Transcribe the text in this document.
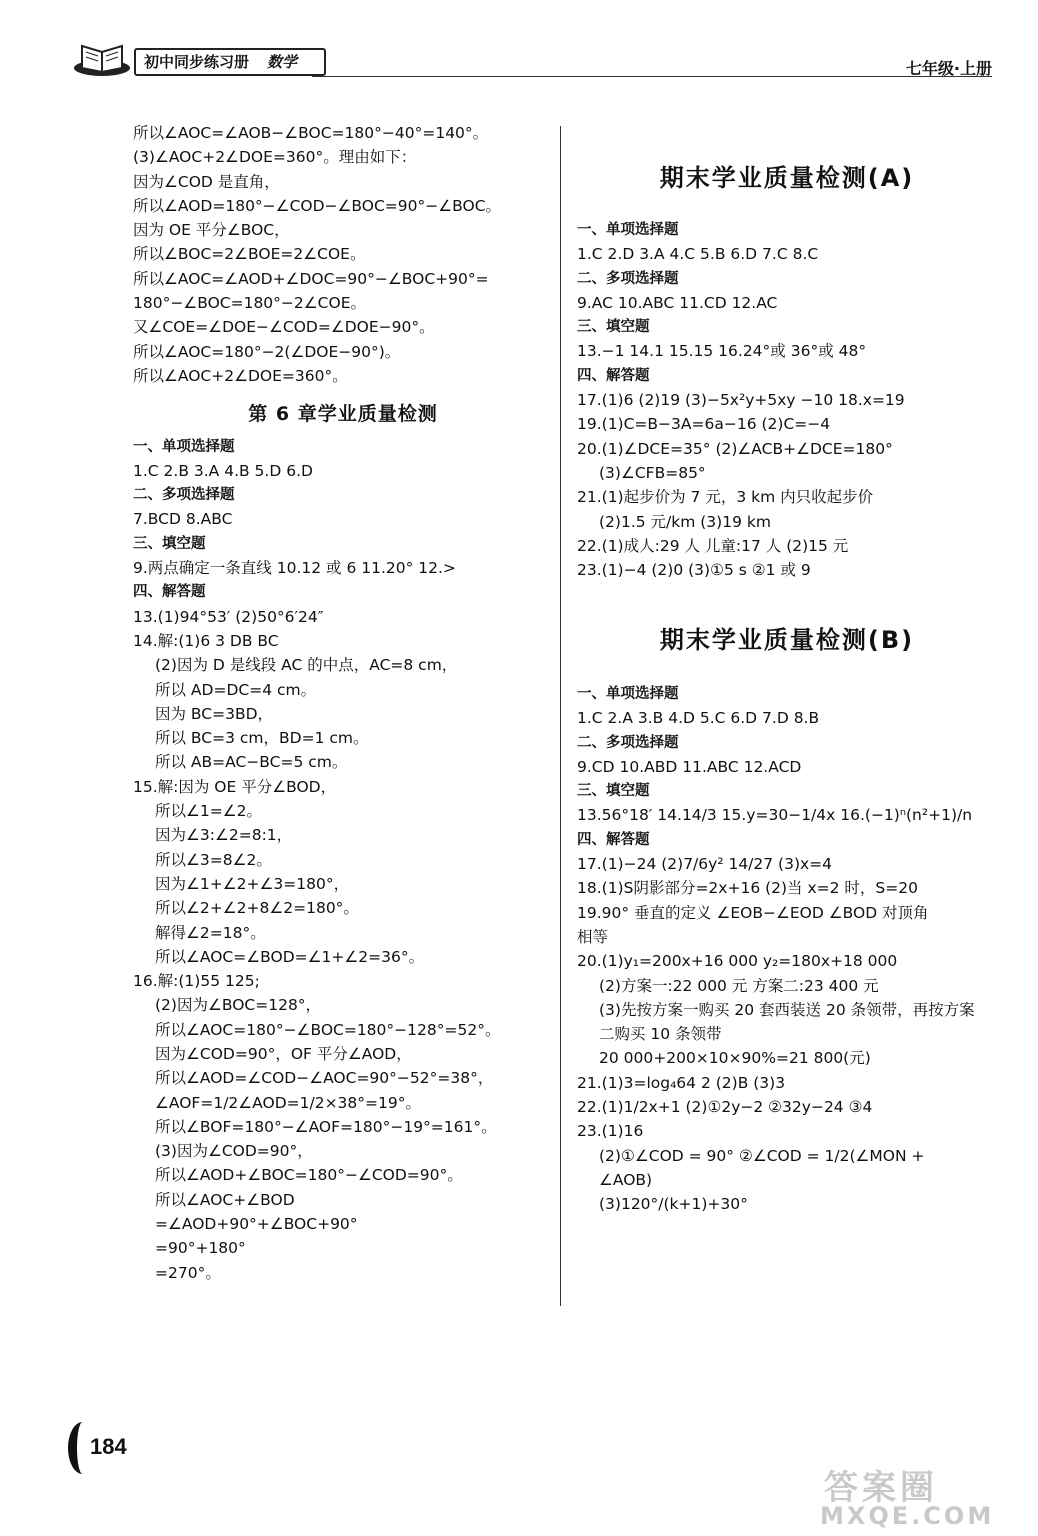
初中同步练习册 数学	七年级·上册
所以∠AOC=∠AOB−∠BOC=180°−40°=140°。
(3)∠AOC+2∠DOE=360°。理由如下：
因为∠COD 是直角，
所以∠AOD=180°−∠COD−∠BOC=90°−∠BOC。
因为 OE 平分∠BOC，
所以∠BOC=2∠BOE=2∠COE。
所以∠AOC=∠AOD+∠DOC=90°−∠BOC+90°=
180°−∠BOC=180°−2∠COE。
又∠COE=∠DOE−∠COD=∠DOE−90°。
所以∠AOC=180°−2(∠DOE−90°)。
所以∠AOC+2∠DOE=360°。
第 6 章学业质量检测
一、单项选择题
1.C 2.B 3.A 4.B 5.D 6.D
二、多项选择题
7.BCD 8.ABC
三、填空题
9.两点确定一条直线 10.12 或 6 11.20° 12.>
四、解答题
13.(1)94°53′ (2)50°6′24″
14.解:(1)6 3 DB BC
(2)因为 D 是线段 AC 的中点，AC=8 cm，
所以 AD=DC=4 cm。
因为 BC=3BD，
所以 BC=3 cm，BD=1 cm。
所以 AB=AC−BC=5 cm。
15.解:因为 OE 平分∠BOD，
所以∠1=∠2。
因为∠3:∠2=8:1，
所以∠3=8∠2。
因为∠1+∠2+∠3=180°，
所以∠2+∠2+8∠2=180°。
解得∠2=18°。
所以∠AOC=∠BOD=∠1+∠2=36°。
16.解:(1)55 125;
(2)因为∠BOC=128°，
所以∠AOC=180°−∠BOC=180°−128°=52°。
因为∠COD=90°，OF 平分∠AOD，
所以∠AOD=∠COD−∠AOC=90°−52°=38°，
∠AOF=1/2∠AOD=1/2×38°=19°。
所以∠BOF=180°−∠AOF=180°−19°=161°。
(3)因为∠COD=90°，
所以∠AOD+∠BOC=180°−∠COD=90°。
所以∠AOC+∠BOD
=∠AOD+90°+∠BOC+90°
=90°+180°
=270°。
期末学业质量检测(A)
一、单项选择题
1.C 2.D 3.A 4.C 5.B 6.D 7.C 8.C
二、多项选择题
9.AC 10.ABC 11.CD 12.AC
三、填空题
13.−1 14.1 15.15 16.24°或 36°或 48°
四、解答题
17.(1)6 (2)19 (3)−5x²y+5xy −10 18.x=19
19.(1)C=B−3A=6a−16 (2)C=−4
20.(1)∠DCE=35° (2)∠ACB+∠DCE=180°
(3)∠CFB=85°
21.(1)起步价为 7 元，3 km 内只收起步价
(2)1.5 元/km (3)19 km
22.(1)成人:29 人 儿童:17 人 (2)15 元
23.(1)−4 (2)0 (3)①5 s ②1 或 9
期末学业质量检测(B)
一、单项选择题
1.C 2.A 3.B 4.D 5.C 6.D 7.D 8.B
二、多项选择题
9.CD 10.ABD 11.ABC 12.ACD
三、填空题
13.56°18′ 14.14/3 15.y=30−1/4x 16.(−1)ⁿ(n²+1)/n
四、解答题
17.(1)−24 (2)7/6y² 14/27 (3)x=4
18.(1)S阴影部分=2x+16 (2)当 x=2 时，S=20
19.90° 垂直的定义 ∠EOB−∠EOD ∠BOD 对顶角
相等
20.(1)y₁=200x+16 000 y₂=180x+18 000
(2)方案一:22 000 元 方案二:23 400 元
(3)先按方案一购买 20 套西装送 20 条领带，再按方案
二购买 10 条领带
20 000+200×10×90%=21 800(元)
21.(1)3=log₄64 2 (2)B (3)3
22.(1)1/2x+1 (2)①2y−2 ②32y−24 ③4
23.(1)16
(2)①∠COD = 90° ②∠COD = 1/2(∠MON +
∠AOB)
(3)120°/(k+1)+30°
184
答案圈
MXQE.COM
